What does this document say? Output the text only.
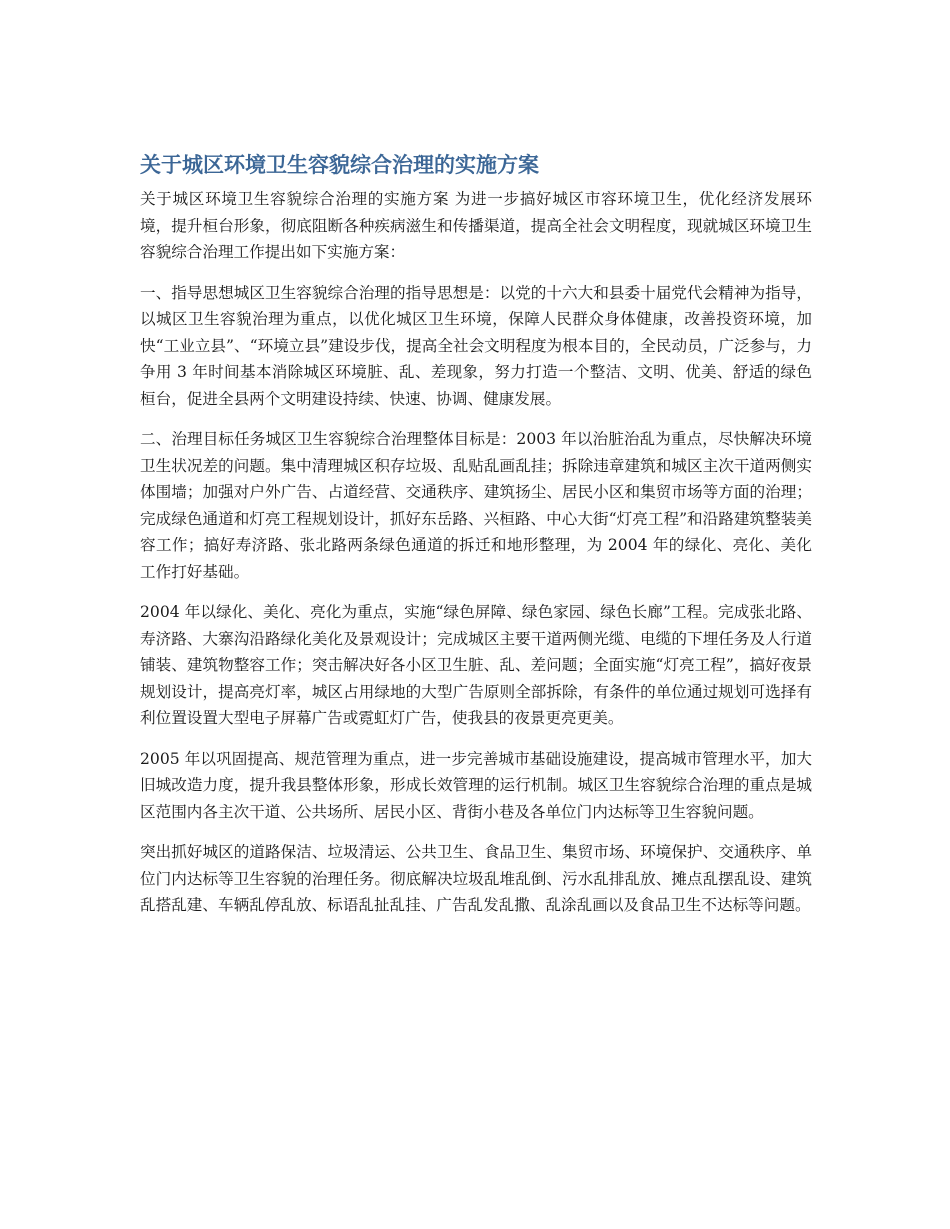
关于城区环境卫生容貌综合治理的实施方案

关于城区环境卫生容貌综合治理的实施方案 为进一步搞好城区市容环境卫生，优化经济发展环境，提升桓台形象，彻底阻断各种疾病滋生和传播渠道，提高全社会文明程度，现就城区环境卫生容貌综合治理工作提出如下实施方案：

一、指导思想城区卫生容貌综合治理的指导思想是：以党的十六大和县委十届党代会精神为指导，以城区卫生容貌治理为重点，以优化城区卫生环境，保障人民群众身体健康，改善投资环境，加快“工业立县”、“环境立县”建设步伐，提高全社会文明程度为根本目的，全民动员，广泛参与，力争用 3 年时间基本消除城区环境脏、乱、差现象，努力打造一个整洁、文明、优美、舒适的绿色桓台，促进全县两个文明建设持续、快速、协调、健康发展。

二、治理目标任务城区卫生容貌综合治理整体目标是：2003 年以治脏治乱为重点，尽快解决环境卫生状况差的问题。集中清理城区积存垃圾、乱贴乱画乱挂；拆除违章建筑和城区主次干道两侧实体围墙；加强对户外广告、占道经营、交通秩序、建筑扬尘、居民小区和集贸市场等方面的治理；完成绿色通道和灯亮工程规划设计，抓好东岳路、兴桓路、中心大街“灯亮工程”和沿路建筑整装美容工作；搞好寿济路、张北路两条绿色通道的拆迁和地形整理，为 2004 年的绿化、亮化、美化工作打好基础。

2004 年以绿化、美化、亮化为重点，实施“绿色屏障、绿色家园、绿色长廊”工程。完成张北路、寿济路、大寨沟沿路绿化美化及景观设计；完成城区主要干道两侧光缆、电缆的下埋任务及人行道铺装、建筑物整容工作；突击解决好各小区卫生脏、乱、差问题；全面实施“灯亮工程”，搞好夜景规划设计，提高亮灯率，城区占用绿地的大型广告原则全部拆除，有条件的单位通过规划可选择有利位置设置大型电子屏幕广告或霓虹灯广告，使我县的夜景更亮更美。

2005 年以巩固提高、规范管理为重点，进一步完善城市基础设施建设，提高城市管理水平，加大旧城改造力度，提升我县整体形象，形成长效管理的运行机制。城区卫生容貌综合治理的重点是城区范围内各主次干道、公共场所、居民小区、背街小巷及各单位门内达标等卫生容貌问题。

突出抓好城区的道路保洁、垃圾清运、公共卫生、食品卫生、集贸市场、环境保护、交通秩序、单位门内达标等卫生容貌的治理任务。彻底解决垃圾乱堆乱倒、污水乱排乱放、摊点乱摆乱设、建筑乱搭乱建、车辆乱停乱放、标语乱扯乱挂、广告乱发乱撒、乱涂乱画以及食品卫生不达标等问题。
